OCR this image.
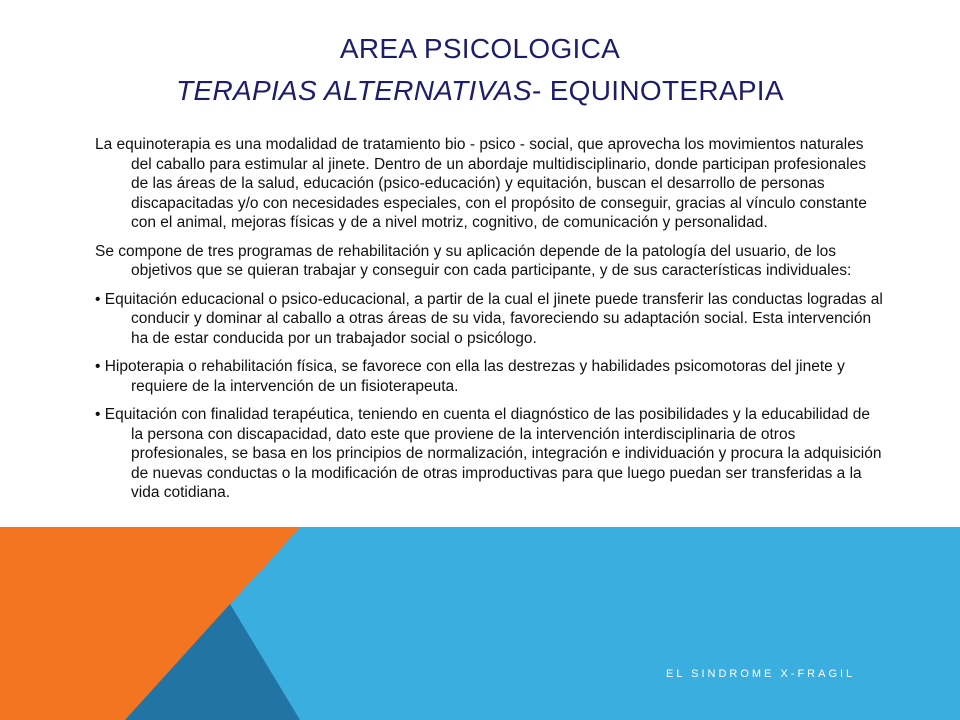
AREA PSICOLOGICA
TERAPIAS ALTERNATIVAS- EQUINOTERAPIA

La equinoterapia es una modalidad de tratamiento bio - psico - social, que aprovecha los movimientos naturales del caballo para estimular al jinete. Dentro de un abordaje multidisciplinario, donde participan profesionales de las áreas de la salud, educación (psico-educación) y equitación, buscan el desarrollo de personas discapacitadas y/o con necesidades especiales, con el propósito de conseguir, gracias al vínculo constante con el animal, mejoras físicas y de a nivel motriz, cognitivo, de comunicación y personalidad.

Se compone de tres programas de rehabilitación y su aplicación depende de la patología del usuario, de los objetivos que se quieran trabajar y conseguir con cada participante, y de sus características individuales:

• Equitación educacional o psico-educacional, a partir de la cual el jinete puede transferir las conductas logradas al conducir y dominar al caballo a otras áreas de su vida, favoreciendo su adaptación social. Esta intervención ha de estar conducida por un trabajador social o psicólogo.

• Hipoterapia o rehabilitación física, se favorece con ella las destrezas y habilidades psicomotoras del jinete y requiere de la intervención de un fisioterapeuta.

• Equitación con finalidad terapéutica, teniendo en cuenta el diagnóstico de las posibilidades y la educabilidad de la persona con discapacidad, dato este que proviene de la intervención interdisciplinaria de otros profesionales, se basa en los principios de normalización, integración e individuación y procura la adquisición de nuevas conductas o la modificación de otras improductivas para que luego puedan ser transferidas a la vida cotidiana.

EL SINDROME X-FRAGIL
